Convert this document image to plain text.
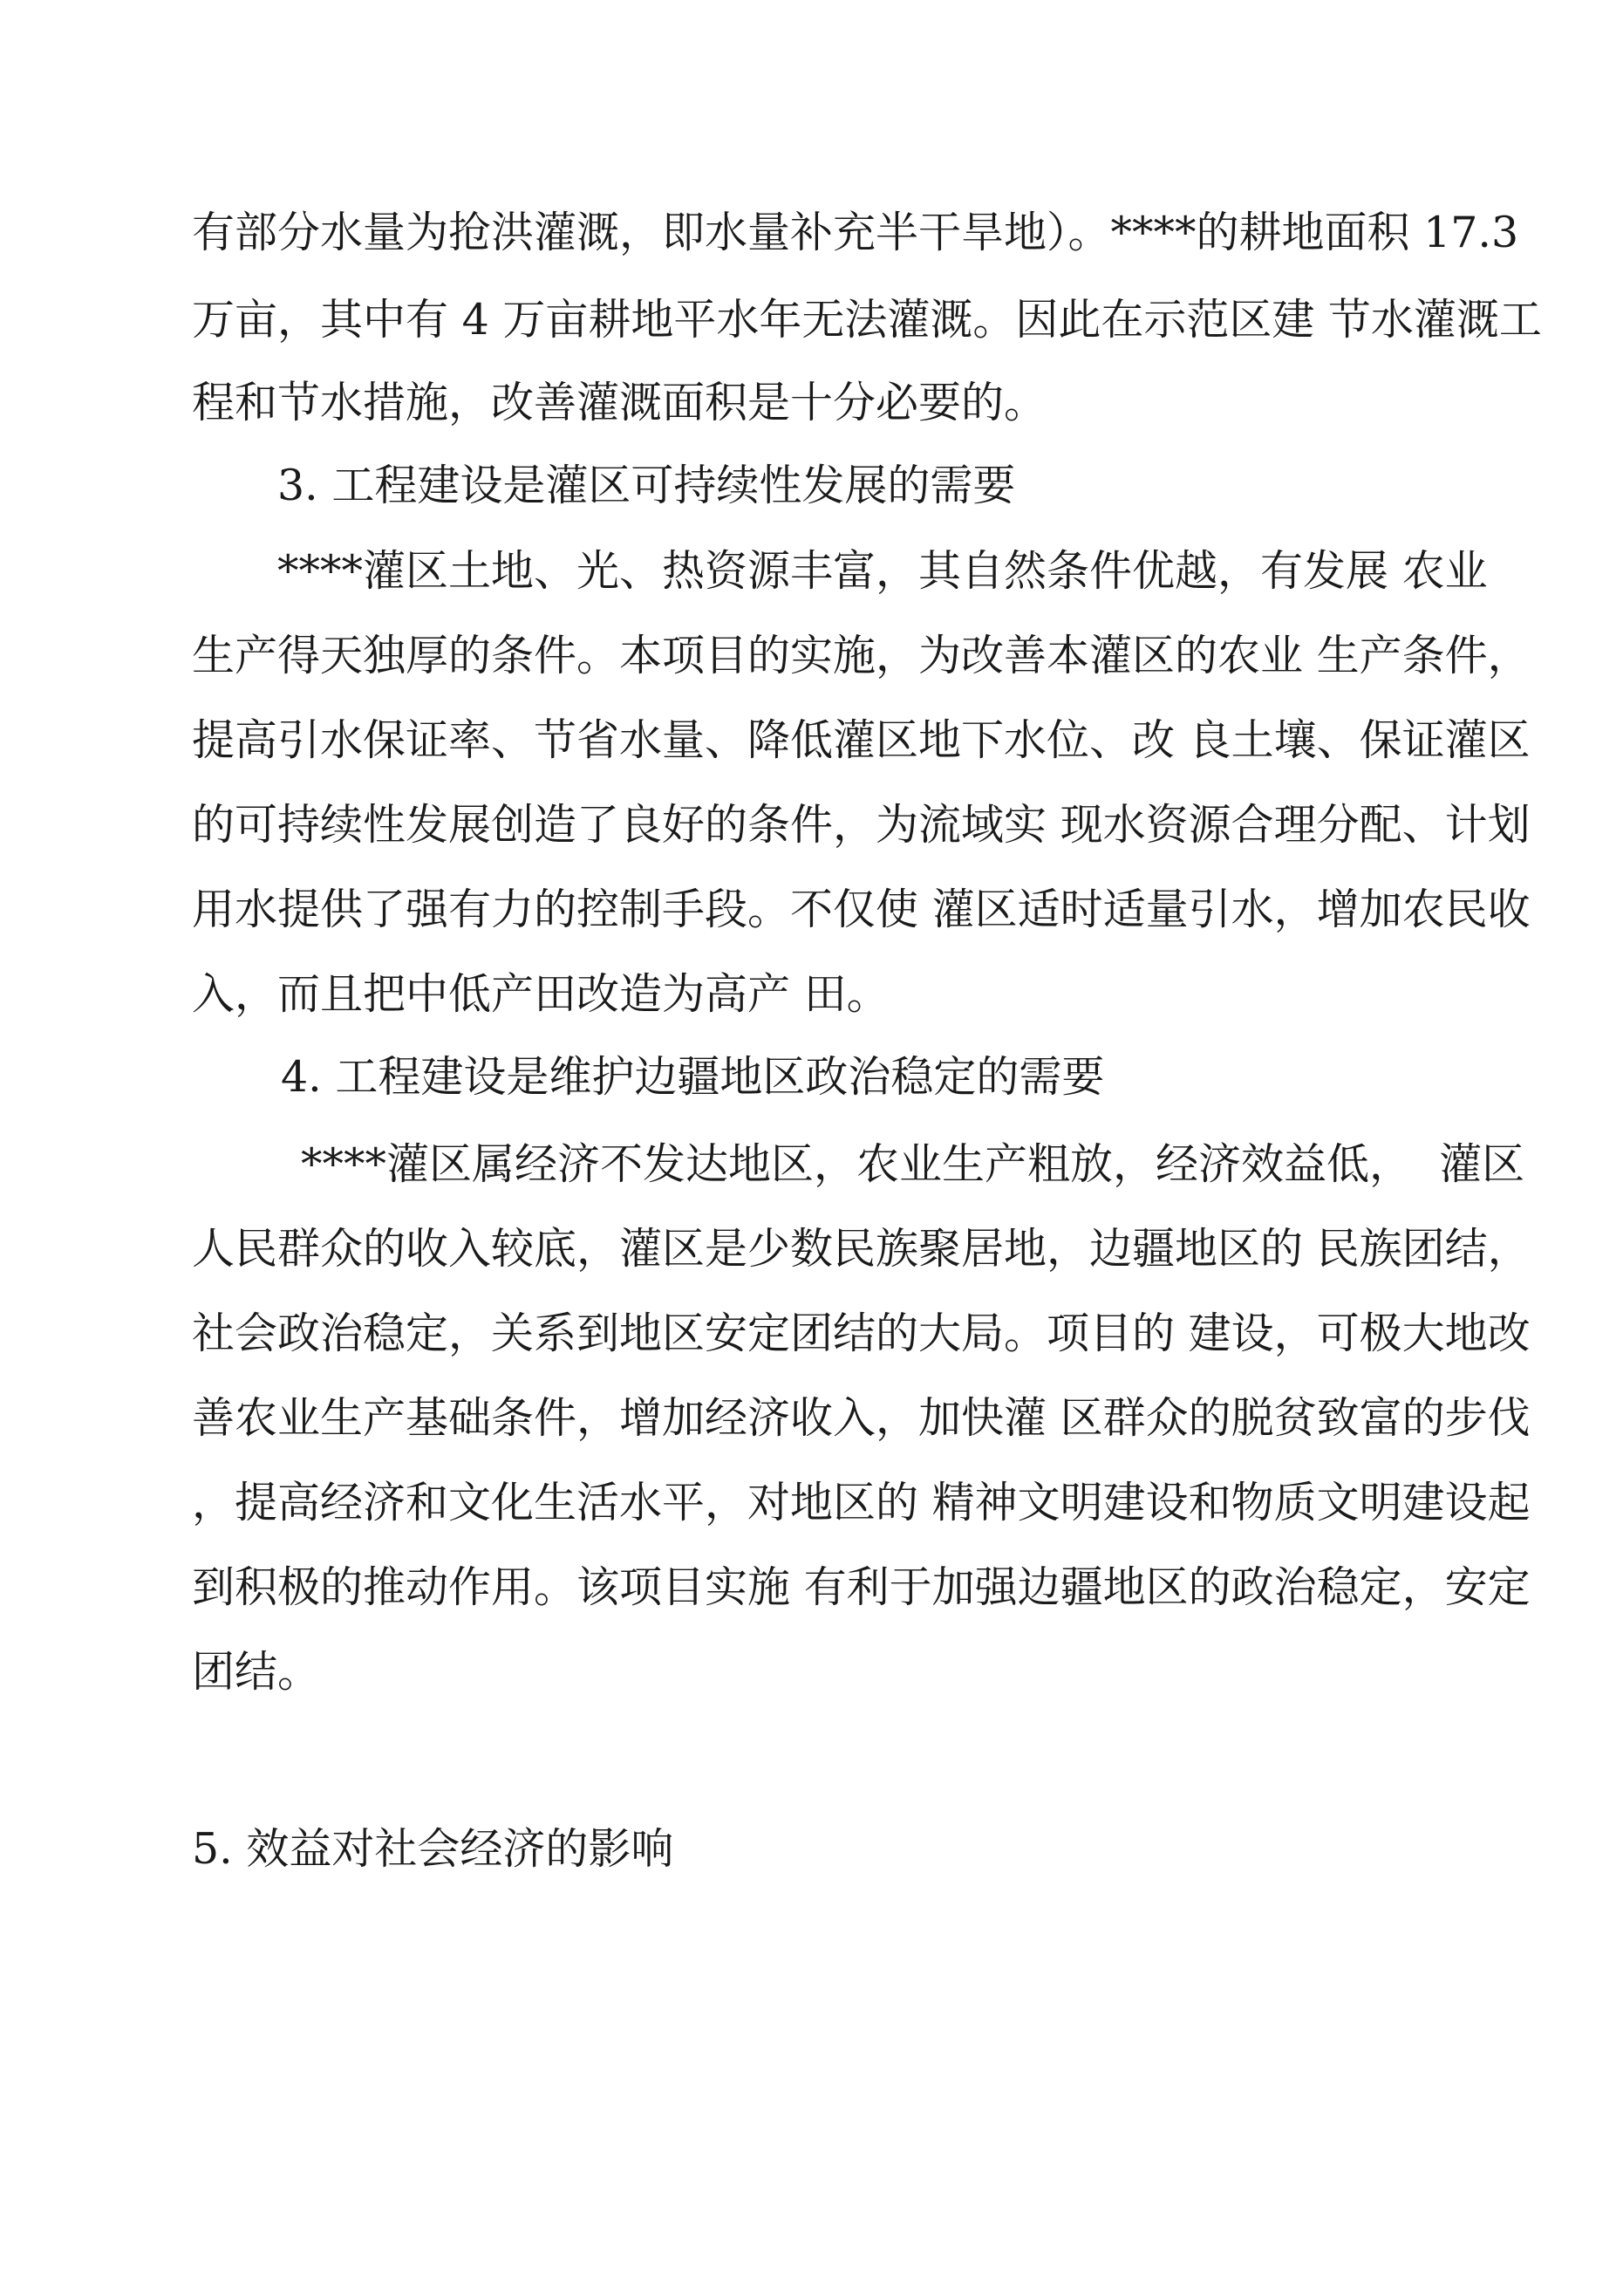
有部分水量为抢洪灌溉，即水量补充半干旱地）。****的耕地面积 17.3
万亩，其中有 4 万亩耕地平水年无法灌溉。因此在示范区建 节水灌溉工
程和节水措施，改善灌溉面积是十分必要的。
3. 工程建设是灌区可持续性发展的需要
****灌区土地、光、热资源丰富，其自然条件优越，有发展 农业
生产得天独厚的条件。本项目的实施，为改善本灌区的农业 生产条件，
提高引水保证率、节省水量、降低灌区地下水位、改 良土壤、保证灌区
的可持续性发展创造了良好的条件，为流域实 现水资源合理分配、计划
用水提供了强有力的控制手段。不仅使 灌区适时适量引水，增加农民收
入，而且把中低产田改造为高产 田。
4. 工程建设是维护边疆地区政治稳定的需要
****灌区属经济不发达地区，农业生产粗放，经济效益低，  灌区
人民群众的收入较底，灌区是少数民族聚居地，边疆地区的 民族团结，
社会政治稳定，关系到地区安定团结的大局。项目的 建设，可极大地改
善农业生产基础条件，增加经济收入，加快灌 区群众的脱贫致富的步伐
，提高经济和文化生活水平，对地区的 精神文明建设和物质文明建设起
到积极的推动作用。该项目实施 有利于加强边疆地区的政治稳定，安定
团结。
5. 效益对社会经济的影响
